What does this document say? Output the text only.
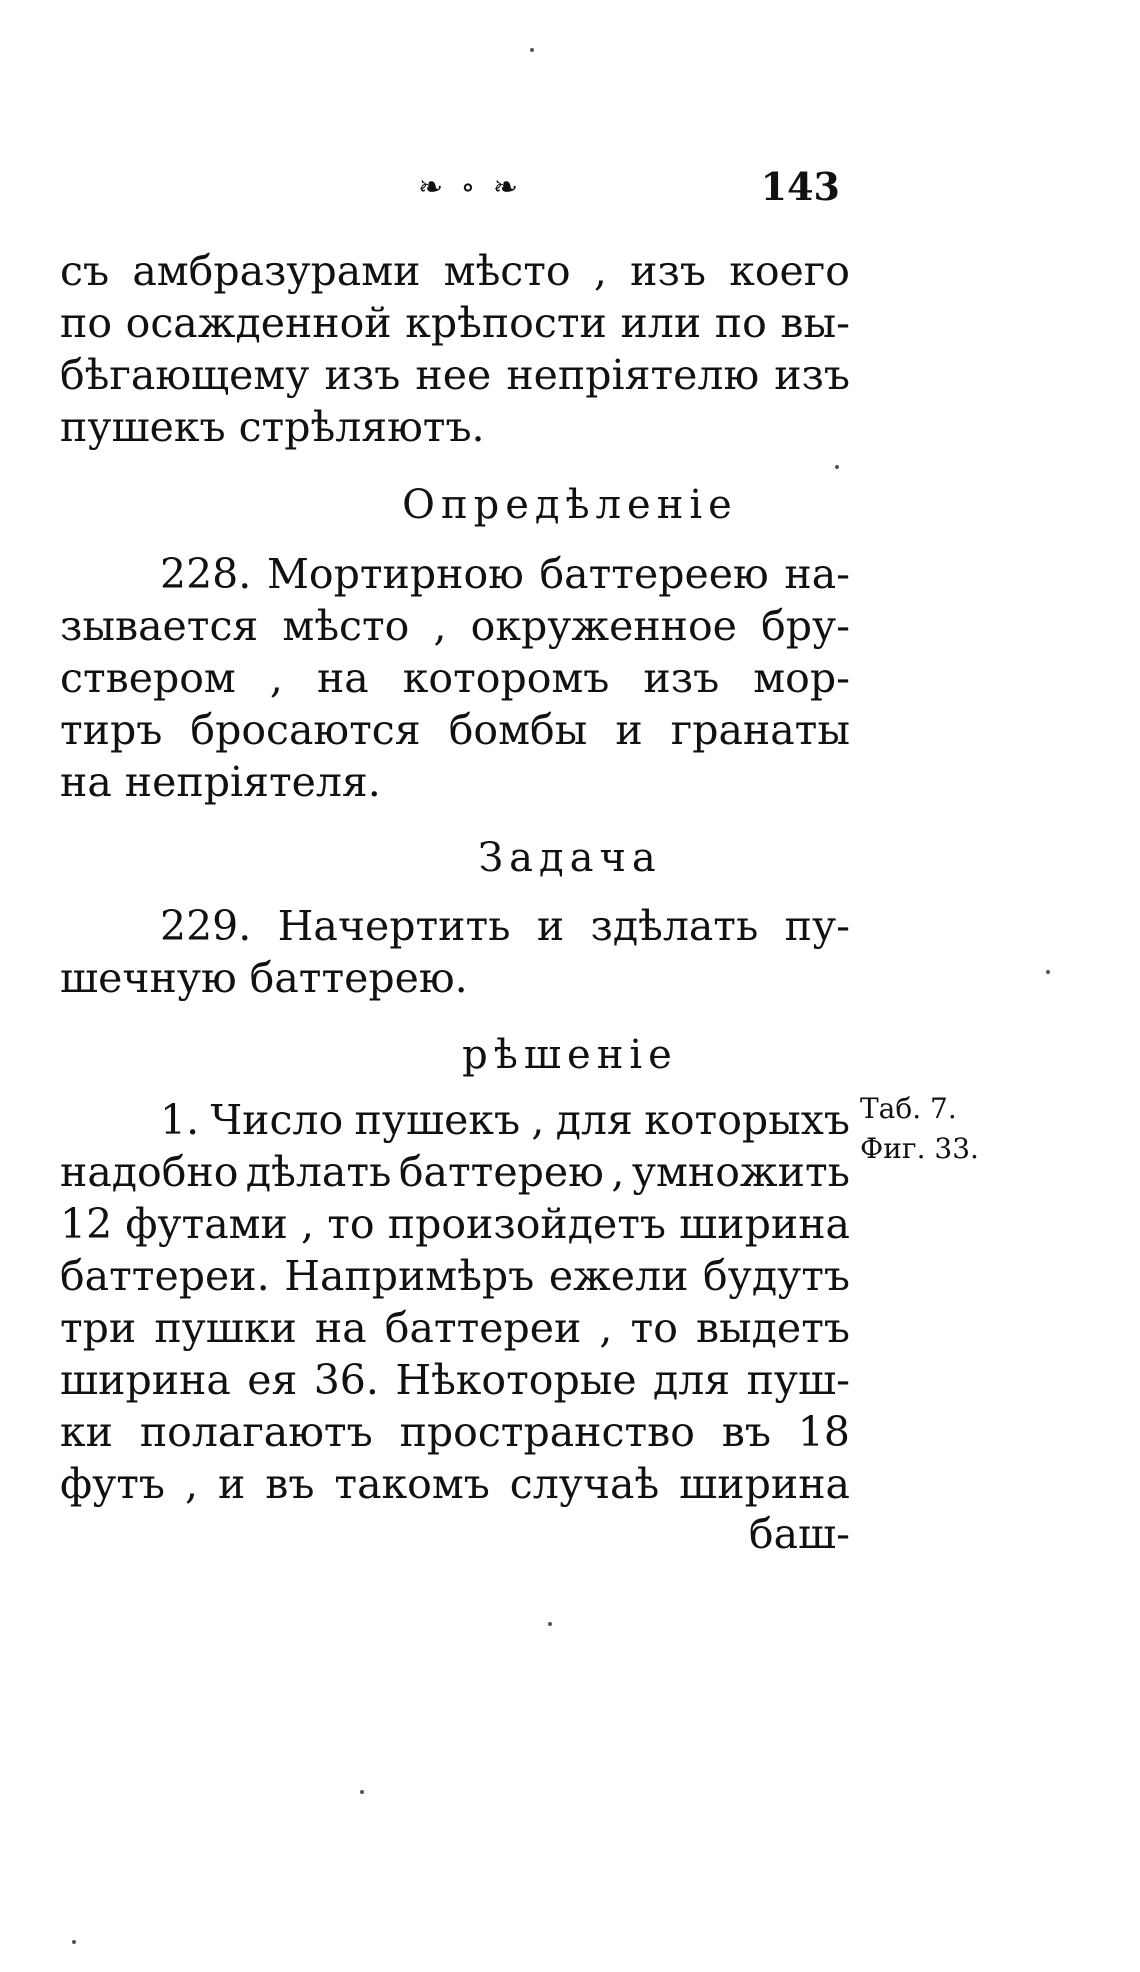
❧ ∘ ❧	143
съ амбразурами мѣсто , изъ коего
по осажденной крѣпости или по вы-
бѣгающему изъ нее непріятелю изъ
пушекъ стрѣляютъ.
Опредѣленіе
228. Мортирною баттереею на-
зывается мѣсто , окруженное бру-
ствером , на которомъ изъ мор-
тиръ бросаются бомбы и гранаты
на непріятеля.
Задача
229. Начертить и здѣлать пу-
шечную баттерею.
рѣшеніе
1. Число пушекъ , для которыхъ
надобно дѣлать баттерею , умножить
12 футами , то произойдетъ ширина
баттереи. Напримѣръ ежели будутъ
три пушки на баттереи , то выдетъ
ширина ея 36. Нѣкоторые для пуш-
ки полагаютъ пространство въ 18
футъ , и въ такомъ случаѣ ширина
баш-
Таб. 7.
Фиг. 33.
